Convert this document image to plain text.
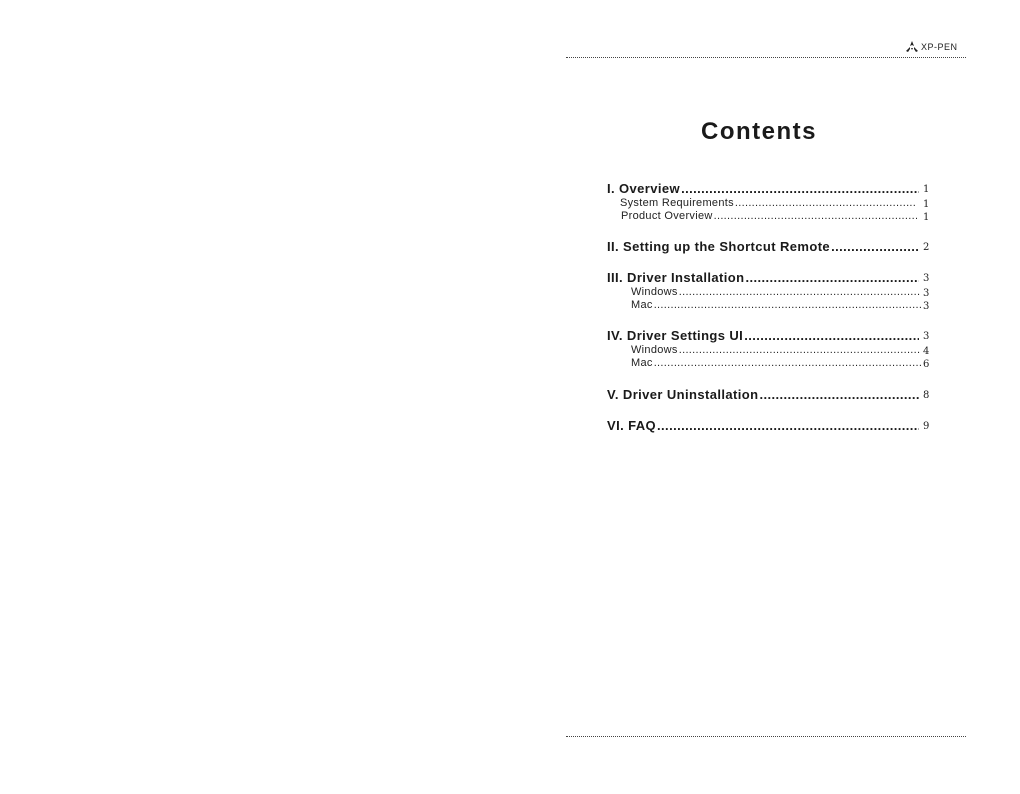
XP-PEN
Contents
I. Overview .....	1
System Requirements .....	1
Product Overview .....	1
II. Setting up the Shortcut Remote .....	2
III. Driver Installation .....	3
Windows .....	3
Mac .....	3
IV. Driver Settings UI .....	3
Windows .....	4
Mac .....	6
V. Driver Uninstallation .....	8
VI. FAQ .....	9
